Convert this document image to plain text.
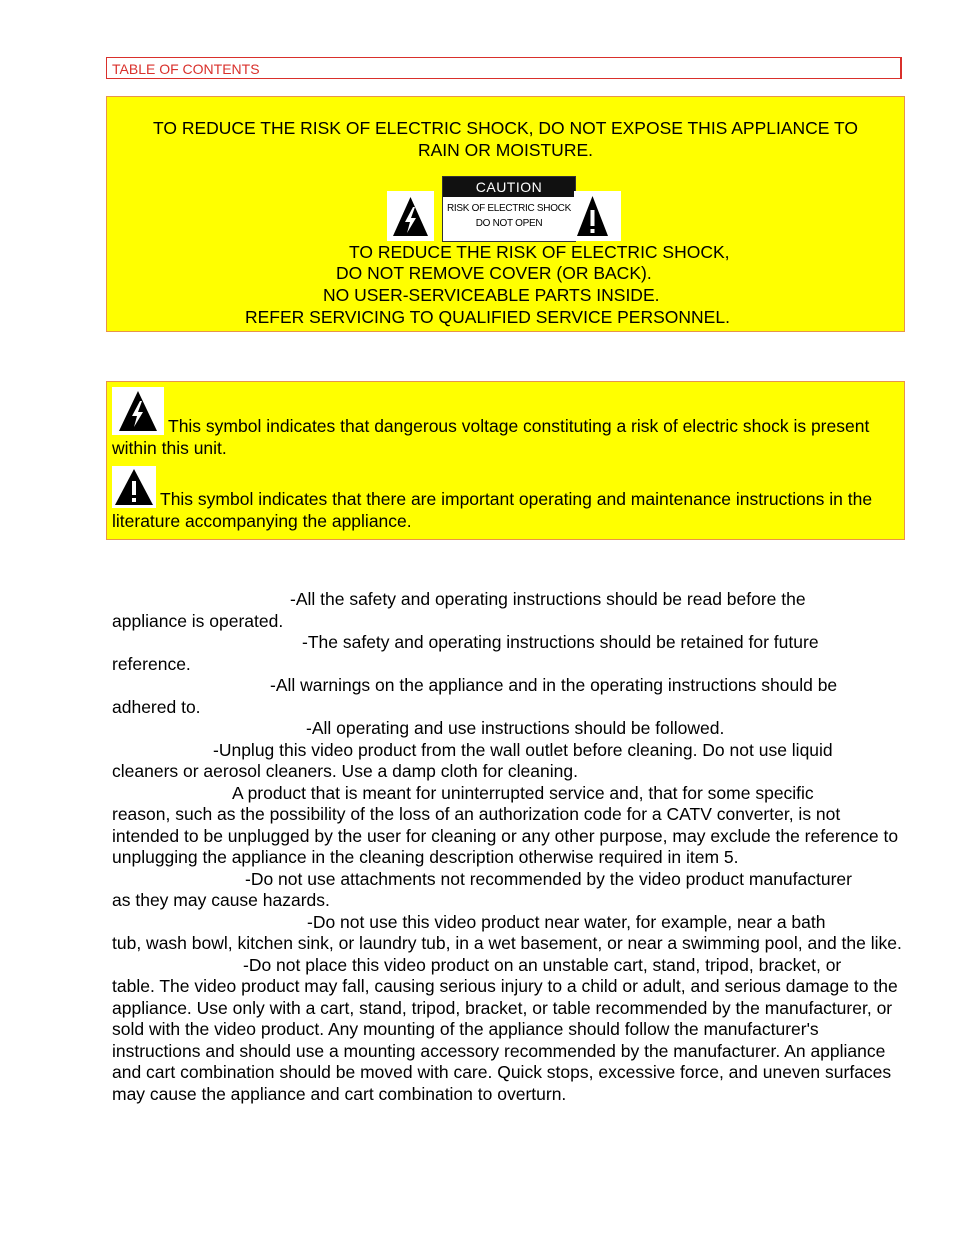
TABLE OF CONTENTS
TO REDUCE THE RISK OF ELECTRIC SHOCK, DO NOT EXPOSE THIS APPLIANCE TO
RAIN OR MOISTURE.
CAUTION
RISK OF ELECTRIC SHOCK
DO NOT OPEN
TO REDUCE THE RISK OF ELECTRIC SHOCK,
DO NOT REMOVE COVER (OR BACK).
NO USER-SERVICEABLE PARTS INSIDE.
REFER SERVICING TO QUALIFIED SERVICE PERSONNEL.
This symbol indicates that dangerous voltage constituting a risk of electric shock is present within this unit.
This symbol indicates that there are important operating and maintenance instructions in the literature accompanying the appliance.

-All the safety and operating instructions should be read before the
appliance is operated.

-The safety and operating instructions should be retained for future
reference.

-All warnings on the appliance and in the operating instructions should be
adhered to.

-All operating and use instructions should be followed.

-Unplug this video product from the wall outlet before cleaning. Do not use liquid
cleaners or aerosol cleaners. Use a damp cloth for cleaning.

A product that is meant for uninterrupted service and, that for some specific
reason, such as the possibility of the loss of an authorization code for a CATV converter, is not intended to be unplugged by the user for cleaning or any other purpose, may exclude the reference to unplugging the appliance in the cleaning description otherwise required in item 5.

-Do not use attachments not recommended by the video product manufacturer
as they may cause hazards.

-Do not use this video product near water, for example, near a bath
tub, wash bowl, kitchen sink, or laundry tub, in a wet basement, or near a swimming pool, and the like.

-Do not place this video product on an unstable cart, stand, tripod, bracket, or
table. The video product may fall, causing serious injury to a child or adult, and serious damage to the appliance. Use only with a cart, stand, tripod, bracket, or table recommended by the manufacturer, or sold with the video product. Any mounting of the appliance should follow the manufacturer's instructions and should use a mounting accessory recommended by the manufacturer. An appliance and cart combination should be moved with care. Quick stops, excessive force, and uneven surfaces may cause the appliance and cart combination to overturn.
